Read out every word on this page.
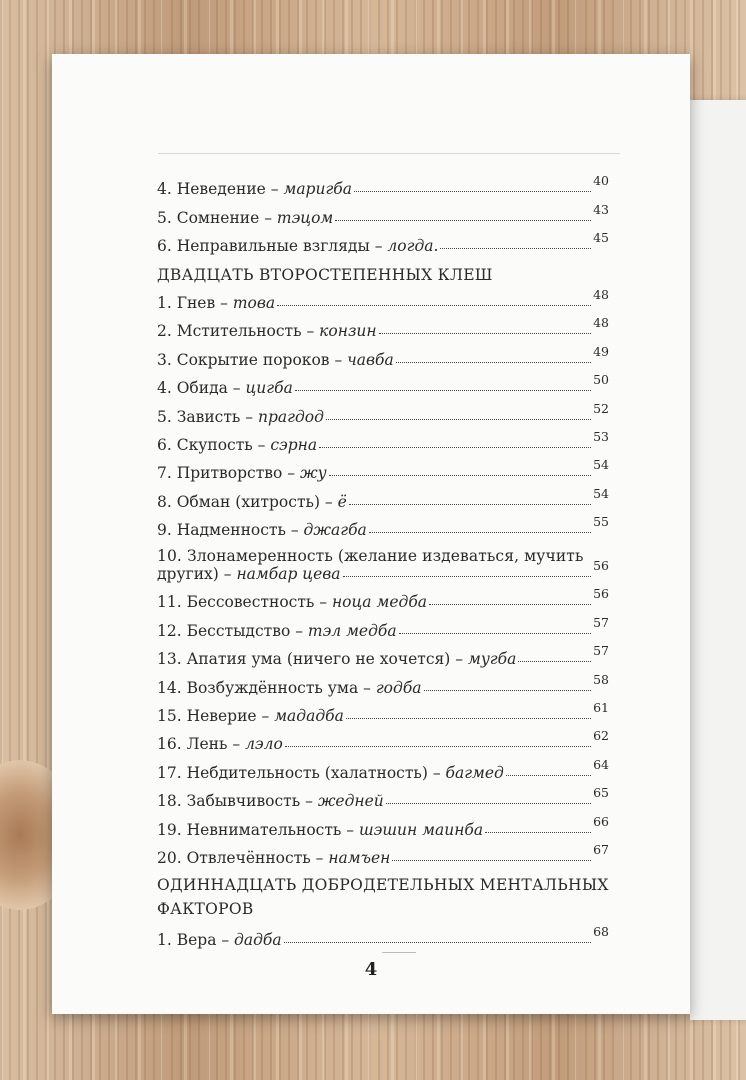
4. Неведение – маригба	40
5. Сомнение – тэцом	43
6. Неправильные взгляды – логда.	45
ДВАДЦАТЬ ВТОРОСТЕПЕННЫХ КЛЕШ
1. Гнев – това	48
2. Мстительность – конзин	48
3. Сокрытие пороков – чавба	49
4. Обида – цигба	50
5. Зависть – прагдод	52
6. Скупость – сэрна	53
7. Притворство – жу	54
8. Обман (хитрость) – ё	54
9. Надменность – джагба	55
10. Злонамеренность (желание издеваться, мучить
других) – намбар цева	56
11. Бессовестность – ноца медба	56
12. Бесстыдство – тэл медба	57
13. Апатия ума (ничего не хочется) – мугба	57
14. Возбуждённость ума – годба	58
15. Неверие – мададба	61
16. Лень – лэло	62
17. Небдительность (халатность) – багмед	64
18. Забывчивость – жедней	65
19. Невнимательность – шэшин маинба	66
20. Отвлечённость – намъен	67
ОДИННАДЦАТЬ ДОБРОДЕТЕЛЬНЫХ МЕНТАЛЬНЫХ
ФАКТОРОВ
1. Вера – дадба	68
4
